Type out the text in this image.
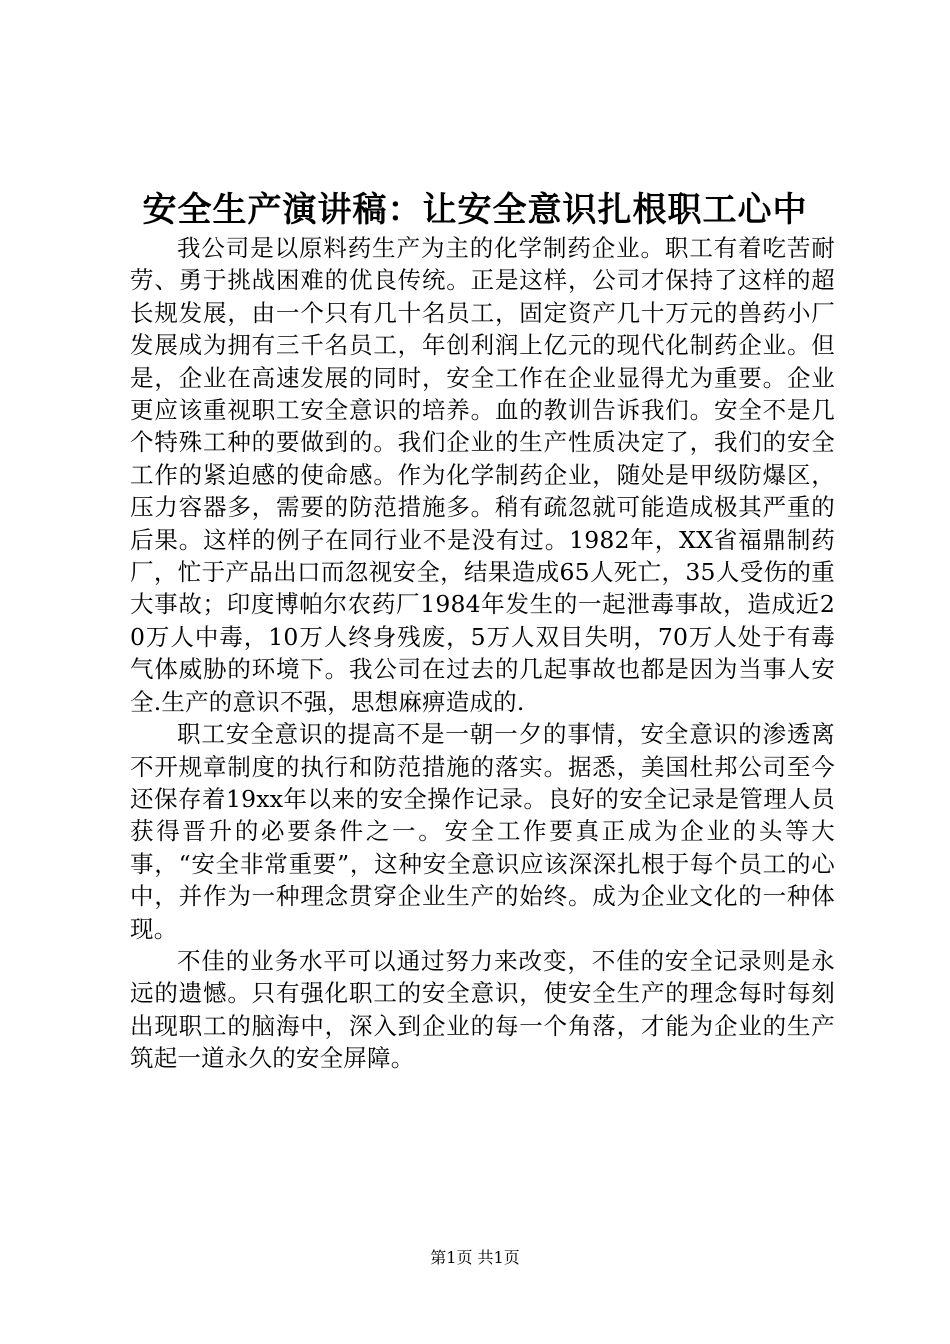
安全生产演讲稿：让安全意识扎根职工心中

我公司是以原料药生产为主的化学制药企业。职工有着吃苦耐劳、勇于挑战困难的优良传统。正是这样，公司才保持了这样的超长规发展，由一个只有几十名员工，固定资产几十万元的兽药小厂发展成为拥有三千名员工，年创利润上亿元的现代化制药企业。但是，企业在高速发展的同时，安全工作在企业显得尤为重要。企业更应该重视职工安全意识的培养。血的教训告诉我们。安全不是几个特殊工种的要做到的。我们企业的生产性质决定了，我们的安全工作的紧迫感的使命感。作为化学制药企业，随处是甲级防爆区，压力容器多，需要的防范措施多。稍有疏忽就可能造成极其严重的后果。这样的例子在同行业不是没有过。1982年，XX省福鼎制药厂，忙于产品出口而忽视安全，结果造成65人死亡，35人受伤的重大事故；印度博帕尔农药厂1984年发生的一起泄毒事故，造成近20万人中毒，10万人终身残废，5万人双目失明，70万人处于有毒气体威胁的环境下。我公司在过去的几起事故也都是因为当事人安全.生产的意识不强，思想麻痹造成的.

职工安全意识的提高不是一朝一夕的事情，安全意识的渗透离不开规章制度的执行和防范措施的落实。据悉，美国杜邦公司至今还保存着19xx年以来的安全操作记录。良好的安全记录是管理人员获得晋升的必要条件之一。安全工作要真正成为企业的头等大事，“安全非常重要”，这种安全意识应该深深扎根于每个员工的心中，并作为一种理念贯穿企业生产的始终。成为企业文化的一种体现。

不佳的业务水平可以通过努力来改变，不佳的安全记录则是永远的遗憾。只有强化职工的安全意识，使安全生产的理念每时每刻出现职工的脑海中，深入到企业的每一个角落，才能为企业的生产筑起一道永久的安全屏障。

第1页 共1页
